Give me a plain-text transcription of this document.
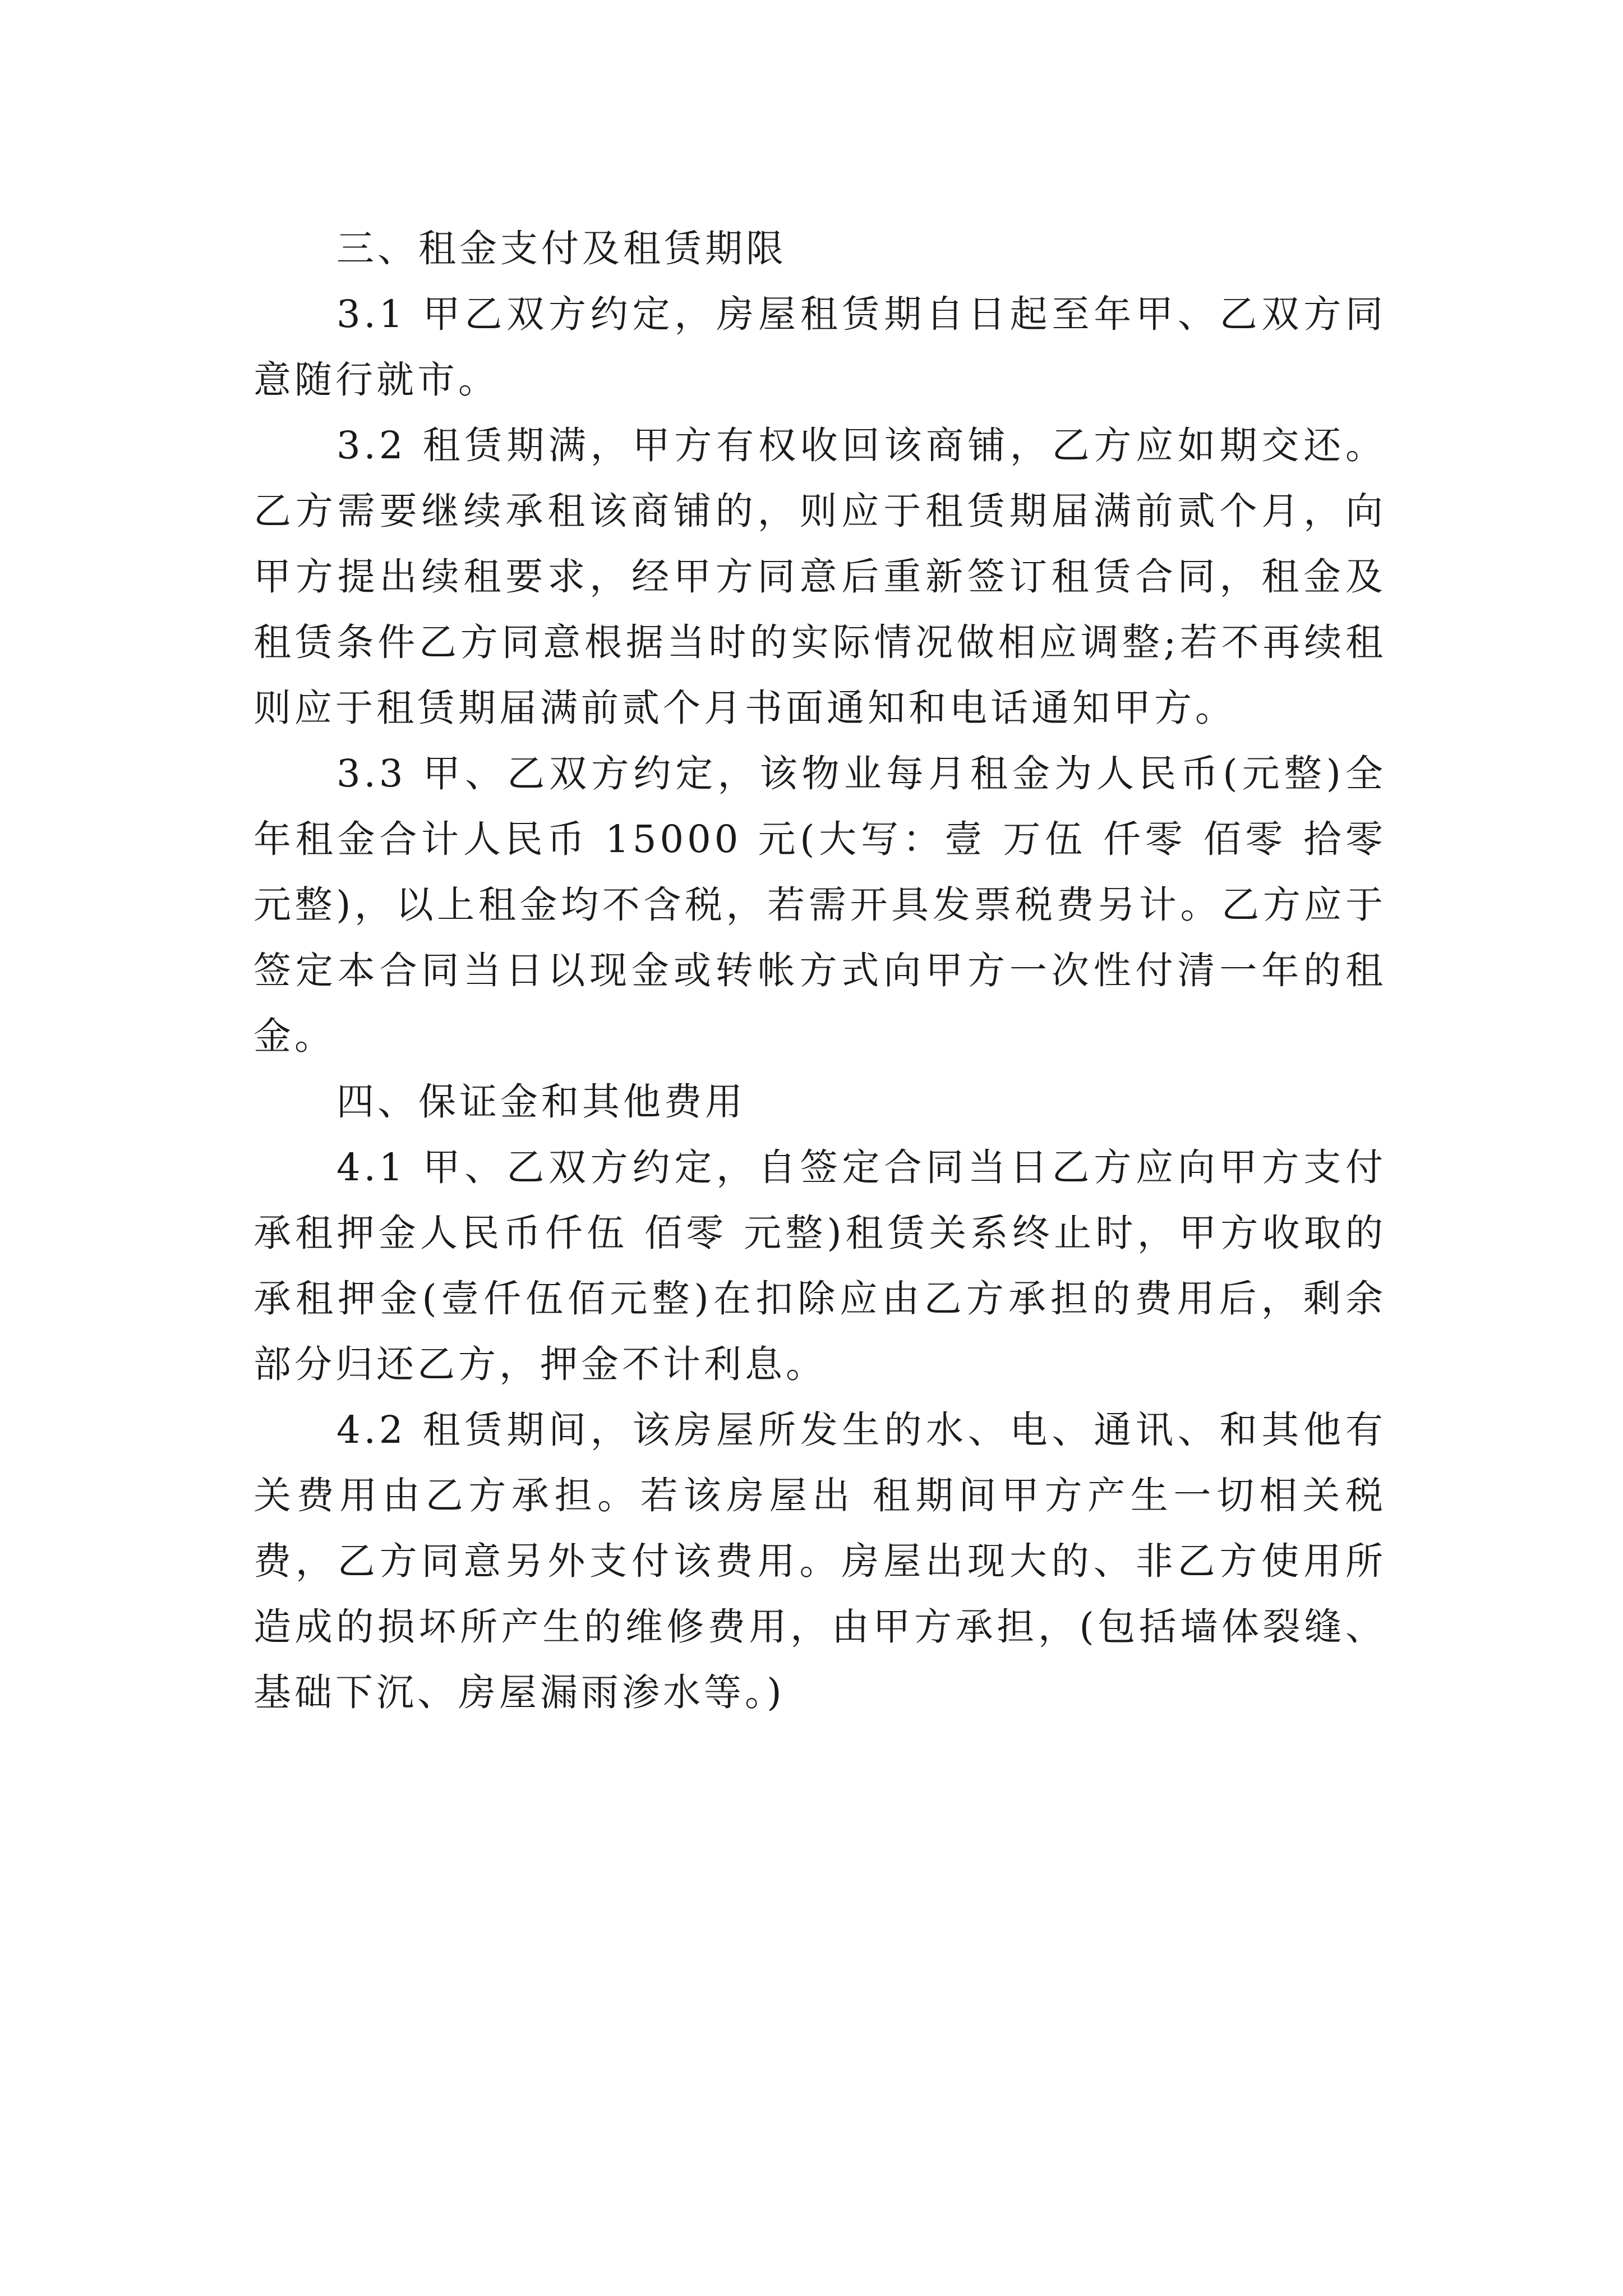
三、租金支付及租赁期限

3.1 甲乙双方约定，房屋租赁期自日起至年甲、乙双方同意随行就市。

3.2 租赁期满，甲方有权收回该商铺，乙方应如期交还。乙方需要继续承租该商铺的，则应于租赁期届满前贰个月，向甲方提出续租要求，经甲方同意后重新签订租赁合同，租金及租赁条件乙方同意根据当时的实际情况做相应调整;若不再续租则应于租赁期届满前贰个月书面通知和电话通知甲方。

3.3 甲、乙双方约定，该物业每月租金为人民币(元整)全年租金合计人民币 15000 元(大写：壹 万伍 仟零 佰零 拾零 元整)，以上租金均不含税，若需开具发票税费另计。乙方应于签定本合同当日以现金或转帐方式向甲方一次性付清一年的租金。

四、保证金和其他费用

4.1 甲、乙双方约定，自签定合同当日乙方应向甲方支付承租押金人民币仟伍 佰零 元整)租赁关系终止时，甲方收取的承租押金(壹仟伍佰元整)在扣除应由乙方承担的费用后，剩余部分归还乙方，押金不计利息。

4.2 租赁期间，该房屋所发生的水、电、通讯、和其他有关费用由乙方承担。若该房屋出 租期间甲方产生一切相关税费，乙方同意另外支付该费用。房屋出现大的、非乙方使用所造成的损坏所产生的维修费用，由甲方承担，(包括墙体裂缝、基础下沉、房屋漏雨渗水等。)
